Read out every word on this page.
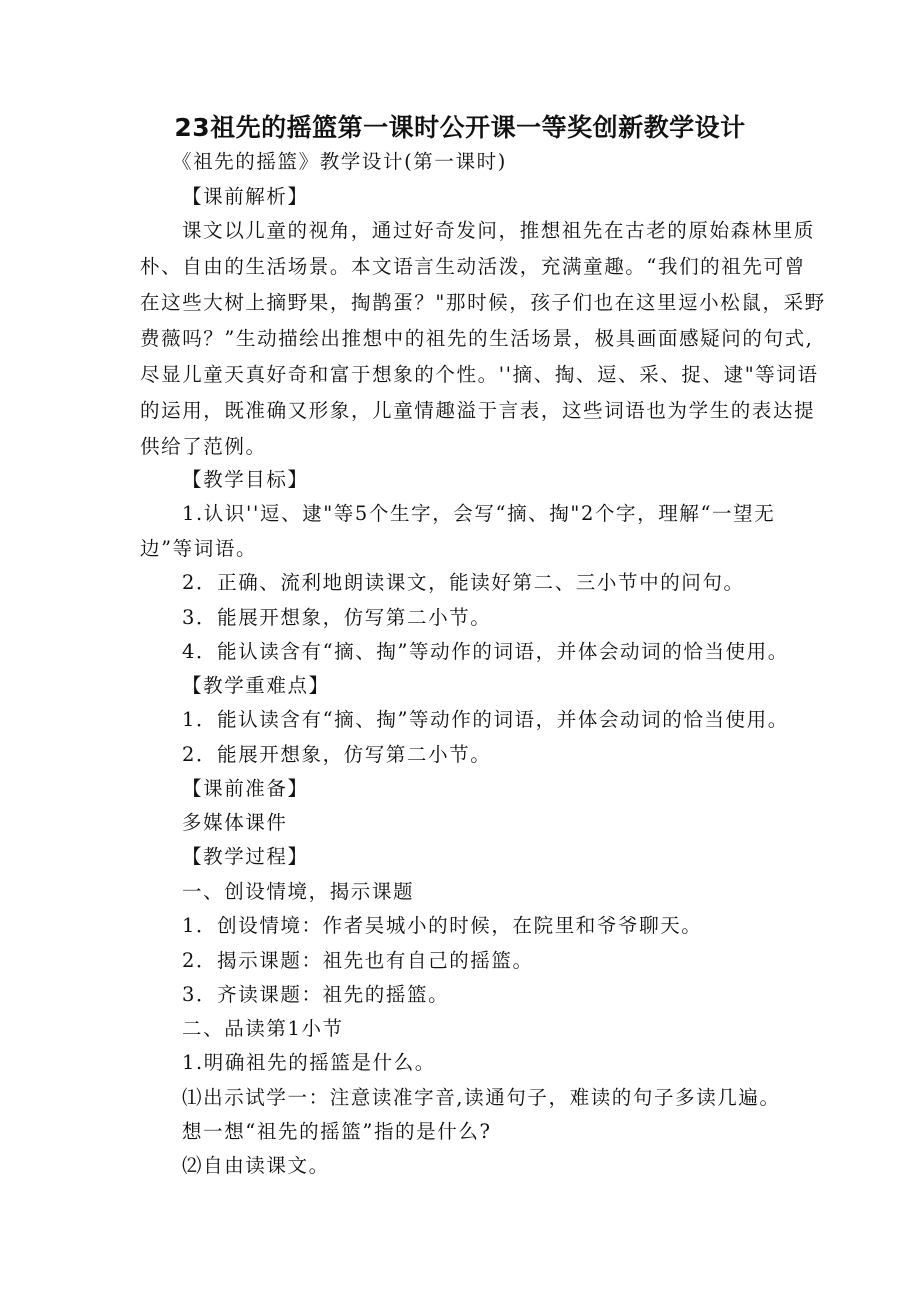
23祖先的摇篮第一课时公开课一等奖创新教学设计
《祖先的摇篮》教学设计(第一课时)
【课前解析】
课文以儿童的视角，通过好奇发问，推想祖先在古老的原始森林里质
朴、自由的生活场景。本文语言生动活泼，充满童趣。“我们的祖先可曾
在这些大树上摘野果，掏鹊蛋？"那时候，孩子们也在这里逗小松鼠，采野
费薇吗？”生动描绘出推想中的祖先的生活场景，极具画面感疑问的句式,
尽显儿童天真好奇和富于想象的个性。''摘、掏、逗、采、捉、逮"等词语
的运用，既准确又形象，儿童情趣溢于言表，这些词语也为学生的表达提
供给了范例。
【教学目标】
1.认识''逗、逮"等5个生字，会写“摘、掏"2个字，理解“一望无
边”等词语。
2．正确、流利地朗读课文，能读好第二、三小节中的问句。
3．能展开想象，仿写第二小节。
4．能认读含有“摘、掏”等动作的词语，并体会动词的恰当使用。
【教学重难点】
1．能认读含有“摘、掏”等动作的词语，并体会动词的恰当使用。
2．能展开想象，仿写第二小节。
【课前准备】
多媒体课件
【教学过程】
一、创设情境，揭示课题
1．创设情境：作者吴城小的时候，在院里和爷爷聊天。
2．揭示课题：祖先也有自己的摇篮。
3．齐读课题：祖先的摇篮。
二、品读第1小节
1.明确祖先的摇篮是什么。
⑴出示试学一：注意读准字音,读通句子，难读的句子多读几遍。
想一想“祖先的摇篮”指的是什么?
⑵自由读课文。
